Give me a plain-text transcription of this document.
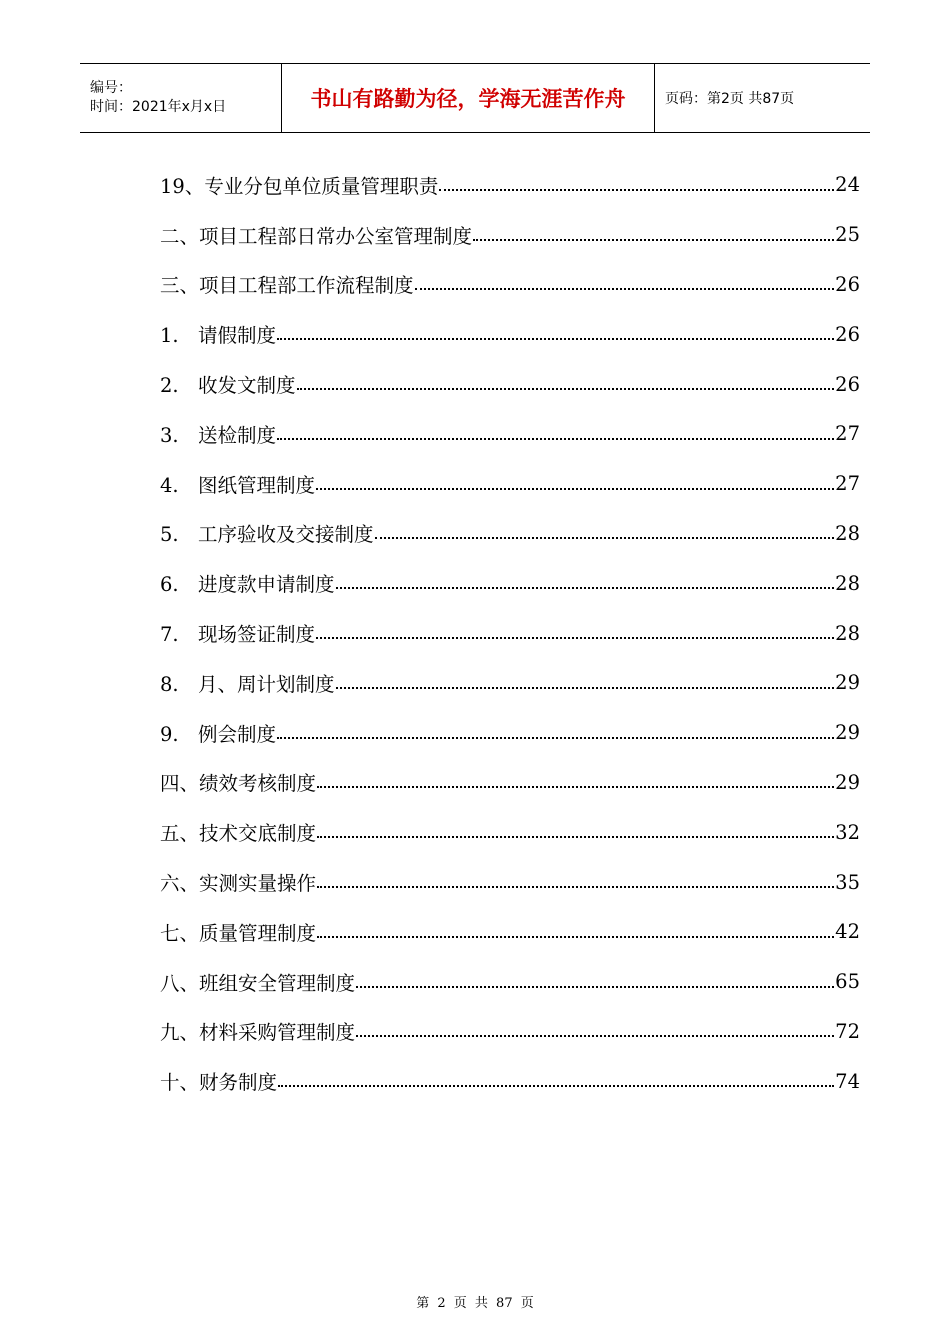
编号：
时间：2021年x月x日	书山有路勤为径，学海无涯苦作舟	页码：第2页 共87页
19、专业分包单位质量管理职责	24
二、项目工程部日常办公室管理制度	25
三、项目工程部工作流程制度	26
1. 请假制度	26
2. 收发文制度	26
3. 送检制度	27
4. 图纸管理制度	27
5. 工序验收及交接制度	28
6. 进度款申请制度	28
7. 现场签证制度	28
8. 月、周计划制度	29
9. 例会制度	29
四、绩效考核制度	29
五、技术交底制度	32
六、实测实量操作	35
七、质量管理制度	42
八、班组安全管理制度	65
九、材料采购管理制度	72
十、财务制度	74
第 2 页 共 87 页
